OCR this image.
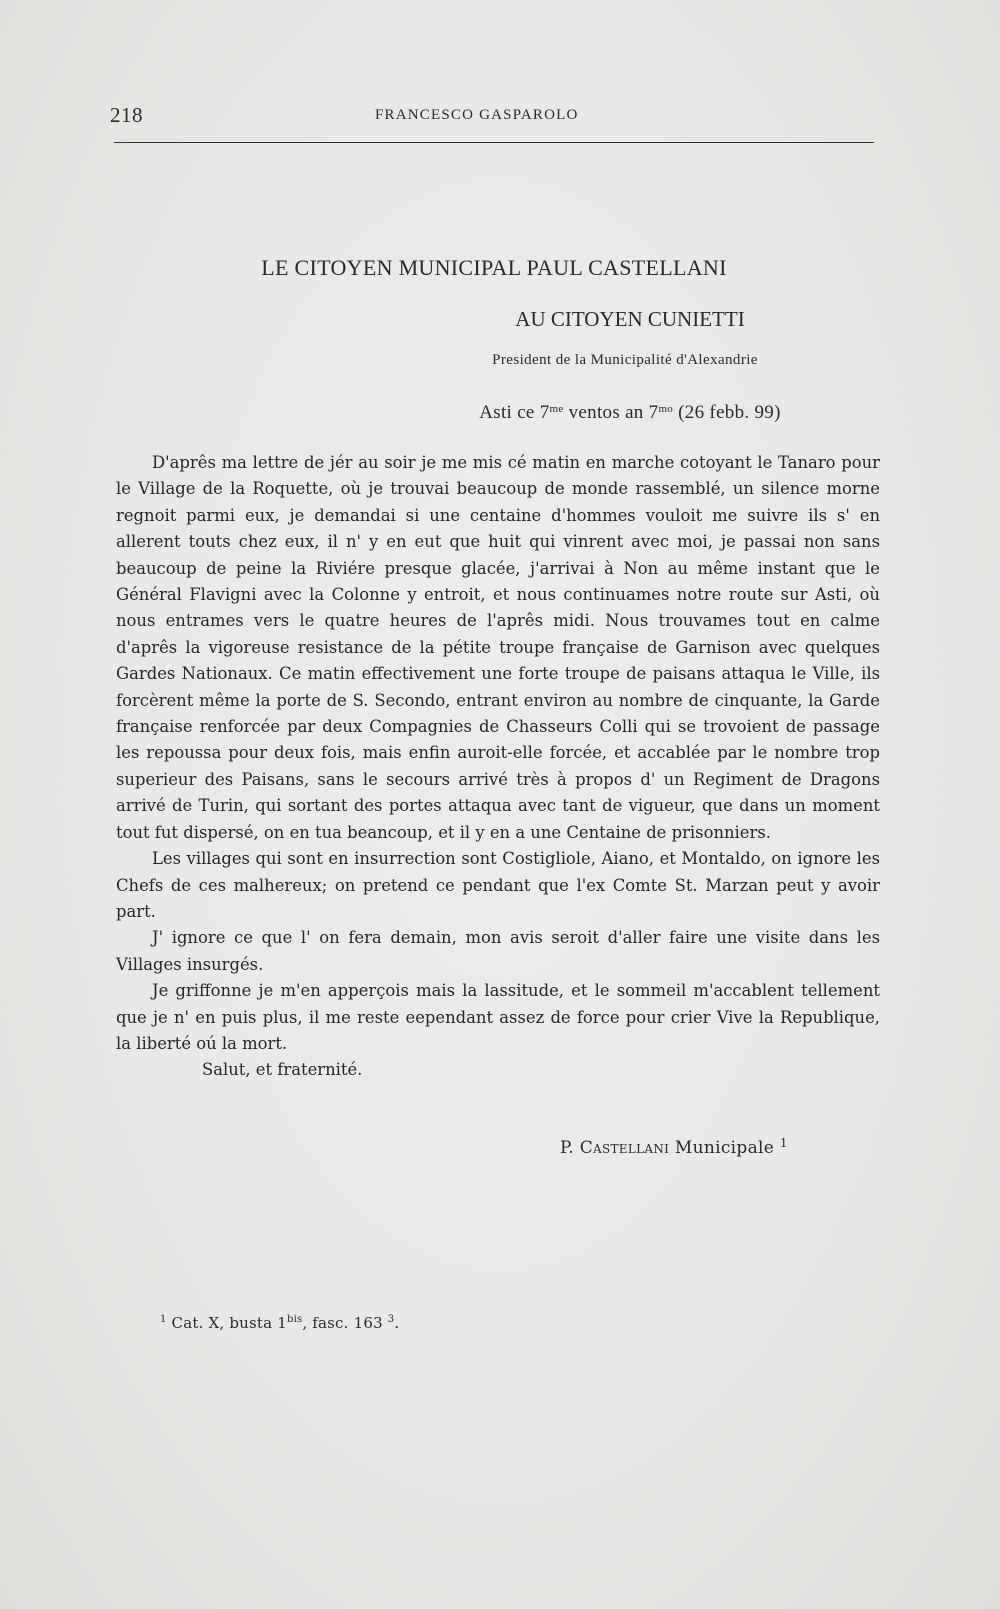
218	FRANCESCO GASPAROLO
LE CITOYEN MUNICIPAL PAUL CASTELLANI
AU CITOYEN CUNIETTI
President de la Municipalité d'Alexandrie
Asti ce $7^{me}$ ventos an $7^{mo}$ (26 febb. 99)

D'aprês ma lettre de jér au soir je me mis cé matin en marche cotoyant le Tanaro pour le Village de la Roquette, où je trouvai beaucoup de monde rassemblé, un silence morne regnoit parmi eux, je demandai si une centaine d'hommes vouloit me suivre ils s' en allerent touts chez eux, il n' y en eut que huit qui vinrent avec moi, je passai non sans beaucoup de peine la Riviére presque glacée, j'arrivai à Non au même instant que le Général Flavigni avec la Colonne y entroit, et nous continuames notre route sur Asti, où nous entrames vers le quatre heures de l'aprês midi. Nous trouvames tout en calme d'aprês la vigoreuse resistance de la pétite troupe française de Garnison avec quelques Gardes Nationaux. Ce matin effectivement une forte troupe de paisans attaqua le Ville, ils forcèrent même la porte de S. Secondo, entrant environ au nombre de cinquante, la Garde française renforcée par deux Compagnies de Chasseurs Colli qui se trovoient de passage les repoussa pour deux fois, mais enfin auroit-elle forcée, et accablée par le nombre trop superieur des Paisans, sans le secours arrivé très à propos d' un Regiment de Dragons arrivé de Turin, qui sortant des portes attaqua avec tant de vigueur, que dans un moment tout fut dispersé, on en tua beancoup, et il y en a une Centaine de prisonniers.

Les villages qui sont en insurrection sont Costigliole, Aiano, et Montaldo, on ignore les Chefs de ces malhereux; on pretend ce pendant que l'ex Comte St. Marzan peut y avoir part.

J' ignore ce que l' on fera demain, mon avis seroit d'aller faire une visite dans les Villages insurgés.

Je griffonne je m'en apperçois mais la lassitude, et le sommeil m'accablent tellement que je n' en puis plus, il me reste eependant assez de force pour crier Vive la Republique, la liberté oú la mort.

Salut, et fraternité.

P. Castellani Municipale $^1$
$^1$ Cat. X, busta $1^{bis}$, fasc. 163 $^3$.
